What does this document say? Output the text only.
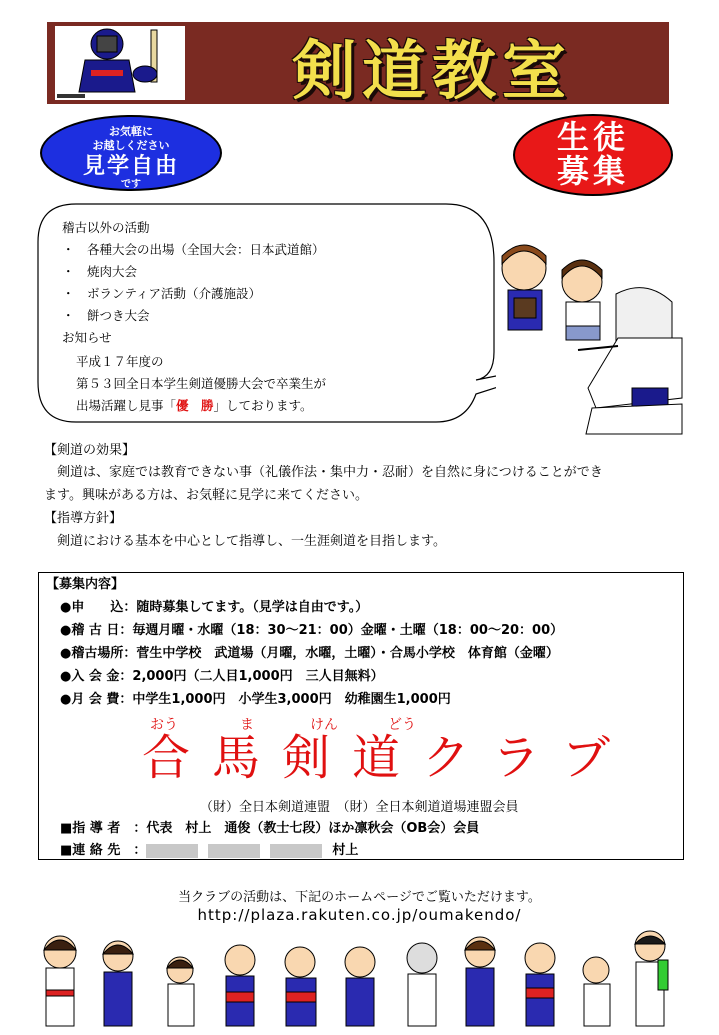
剣道教室
お気軽に
お越しください
見学自由
です
生徒
募集
稽古以外の活動
・　各種大会の出場（全国大会：日本武道館）
・　焼肉大会
・　ボランティア活動（介護施設）
・　餅つき大会
お知らせ
平成１７年度の
第５３回全日本学生剣道優勝大会で卒業生が
出場活躍し見事「優　勝」しております。
【剣道の効果】
　剣道は、家庭では教育できない事（礼儀作法・集中力・忍耐）を自然に身につけることができ
ます。興味がある方は、お気軽に見学に来てください。
【指導方針】
　剣道における基本を中心として指導し、一生涯剣道を目指します。
【募集内容】
●申　　込：随時募集してます。（見学は自由です。）
●稽 古 日：毎週月曜・水曜（18：30～21：00）金曜・土曜（18：00～20：00）
●稽古場所：菅生中学校　武道場（月曜，水曜，土曜）・合馬小学校　体育館（金曜）
●入 会 金：2,000円（二人目1,000円　三人目無料）
●月 会 費：中学生1,000円　小学生3,000円　幼稚園生1,000円
おう	ま	けん	どう
合馬剣道クラブ
（財）全日本剣道連盟　（財）全日本剣道道場連盟会員
■指 導 者　：代表　村上　通俊（教士七段）ほか凛秋会（OB会）会員
■連 絡 先　：	村上
当クラブの活動は、下記のホームページでご覧いただけます。
http://plaza.rakuten.co.jp/oumakendo/
